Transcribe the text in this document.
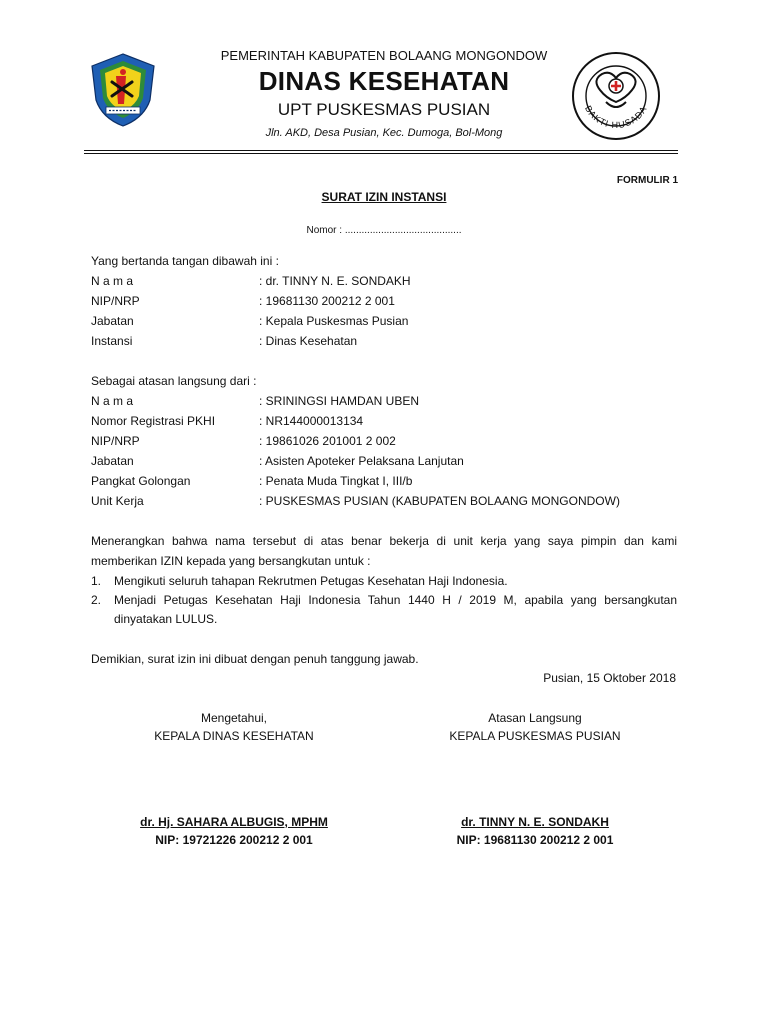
BAKTI HUSADA
PEMERINTAH KABUPATEN BOLAANG MONGONDOW
DINAS KESEHATAN
UPT PUSKESMAS PUSIAN
Jln. AKD, Desa Pusian, Kec. Dumoga, Bol-Mong
FORMULIR 1
SURAT IZIN INSTANSI
Nomor : ..........................................
Yang bertanda tangan dibawah ini :
N a m a	: dr. TINNY N. E. SONDAKH
NIP/NRP	: 19681130 200212 2 001
Jabatan	: Kepala Puskesmas Pusian
Instansi	: Dinas Kesehatan
Sebagai atasan langsung dari :
N a m a	: SRININGSI HAMDAN UBEN
Nomor Registrasi PKHI	: NR144000013134
NIP/NRP	: 19861026 201001 2 002
Jabatan	: Asisten Apoteker Pelaksana Lanjutan
Pangkat Golongan	: Penata Muda Tingkat I, III/b
Unit Kerja	: PUSKESMAS PUSIAN (KABUPATEN BOLAANG MONGONDOW)
Menerangkan bahwa nama tersebut di atas benar bekerja di unit kerja yang saya pimpin dan kami
memberikan IZIN kepada yang bersangkutan untuk :
1. Mengikuti seluruh tahapan Rekrutmen Petugas Kesehatan Haji Indonesia.
2. Menjadi Petugas Kesehatan Haji Indonesia Tahun 1440 H / 2019 M, apabila yang bersangkutan
dinyatakan LULUS.
Demikian, surat izin ini dibuat dengan penuh tanggung jawab.
Pusian, 15 Oktober 2018
Mengetahui,
KEPALA DINAS KESEHATAN
dr. Hj. SAHARA ALBUGIS, MPHM
NIP: 19721226 200212 2 001
Atasan Langsung
KEPALA PUSKESMAS PUSIAN
dr. TINNY N. E. SONDAKH
NIP: 19681130 200212 2 001
